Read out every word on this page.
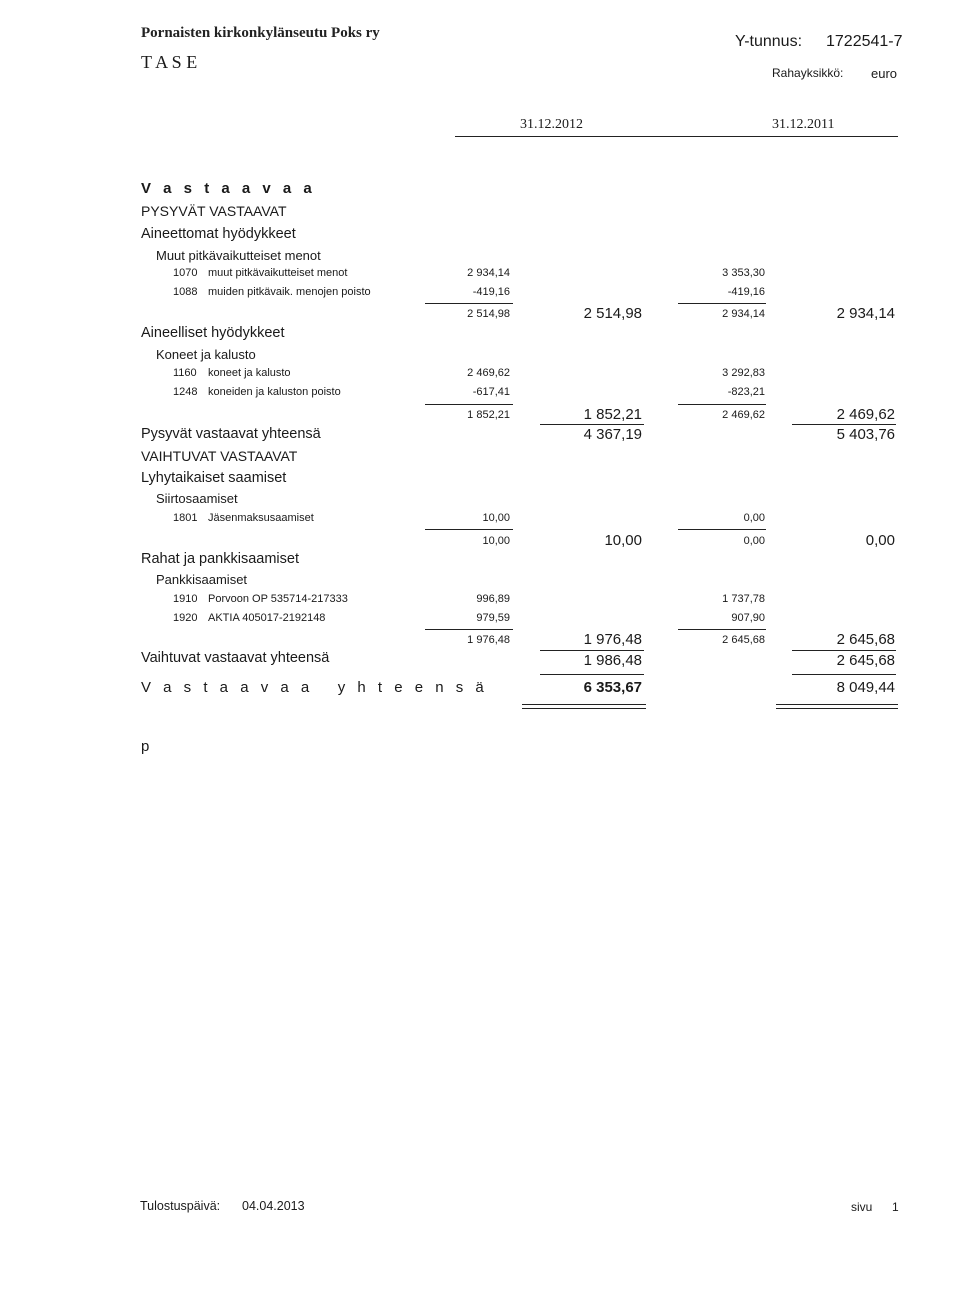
Pornaisten kirkonkylänseutu Poks ry
T A S E
Y-tunnus: 1722541-7
Rahayksikkö: euro
31.12.2012	31.12.2011
V a s t a a v a a
PYSYVÄT VASTAAVAT
Aineettomat hyödykkeet
Muut pitkävaikutteiset menot
1070 muut pitkävaikutteiset menot	2 934,14	3 353,30
1088 muiden pitkävaik. menojen poisto	-419,16	-419,16
2 514,98	2 514,98	2 934,14	2 934,14
Aineelliset hyödykkeet
Koneet ja kalusto
1160 koneet ja kalusto	2 469,62	3 292,83
1248 koneiden ja kaluston poisto	-617,41	-823,21
1 852,21	1 852,21	2 469,62	2 469,62
Pysyvät vastaavat yhteensä	4 367,19	5 403,76
VAIHTUVAT VASTAAVAT
Lyhytaikaiset saamiset
Siirtosaamiset
1801 Jäsenmaksusaamiset	10,00	0,00
10,00	10,00	0,00	0,00
Rahat ja pankkisaamiset
Pankkisaamiset
1910 Porvoon OP 535714-217333	996,89	1 737,78
1920 AKTIA 405017-2192148	979,59	907,90
1 976,48	1 976,48	2 645,68	2 645,68
Vaihtuvat vastaavat yhteensä	1 986,48	2 645,68
V a s t a a v a a   y h t e e n s ä	6 353,67	8 049,44
p
Tulostuspäivä: 04.04.2013	sivu 1
